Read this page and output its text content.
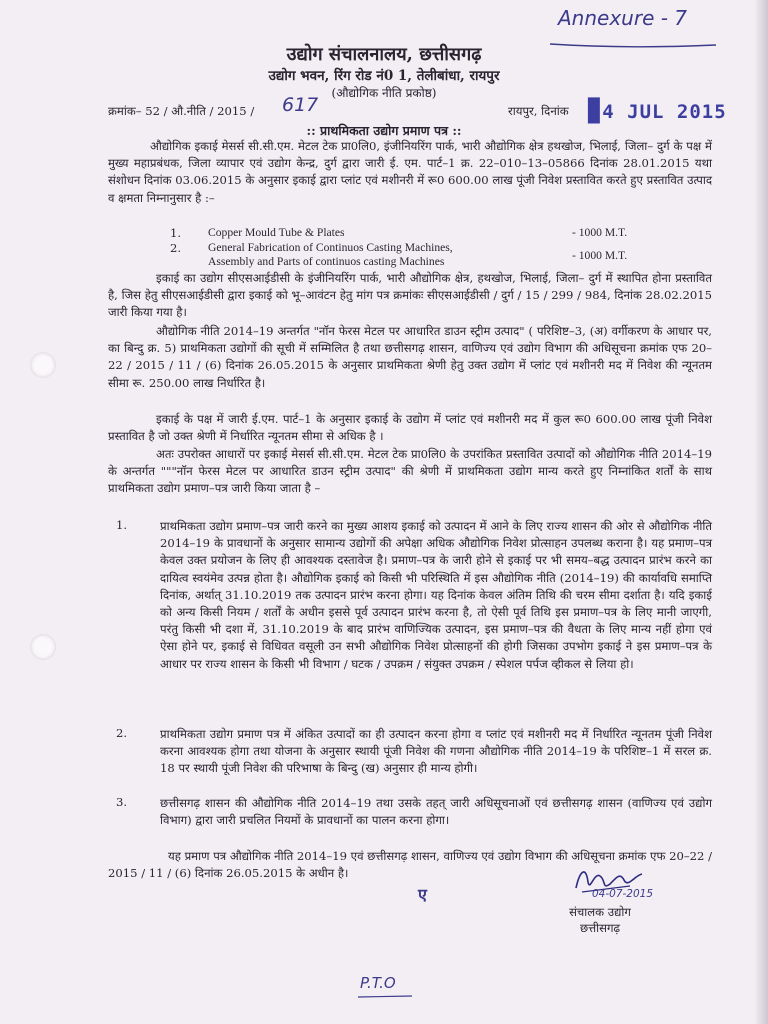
Annexure - 7
उद्योग संचालनालय, छत्तीसगढ़
उद्योग भवन, रिंग रोड नं0 1, तेलीबांधा, रायपुर
(औद्योगिक नीति प्रकोष्ठ)
क्रमांक– 52 / औ.नीति / 2015 / 617	रायपुर, दिनांक ▉4 JUL 2015
:: प्राथमिकता उद्योग प्रमाण पत्र ::
औद्योगिक इकाई मेसर्स सी.सी.एम. मेटल टेक प्रा0लि0, इंजीनियरिंग पार्क, भारी औद्योगिक क्षेत्र हथखोज, भिलाई, जिला– दुर्ग के पक्ष में मुख्य महाप्रबंधक, जिला व्यापार एवं उद्योग केन्द्र, दुर्ग द्वारा जारी ई. एम. पार्ट–1 क्र. 22–010–13–05866 दिनांक 28.01.2015 यथा संशोधन दिनांक 03.06.2015 के अनुसार इकाई द्वारा प्लांट एवं मशीनरी में रू0 600.00 लाख पूंजी निवेश प्रस्तावित करते हुए प्रस्तावित उत्पाद व क्षमता निम्नानुसार है :–
1. Copper Mould Tube & Plates	- 1000 M.T.
2. General Fabrication of Continuos Casting Machines,
Assembly and Parts of continuos casting Machines	- 1000 M.T.
इकाई का उद्योग सीएसआईडीसी के इंजीनियरिंग पार्क, भारी औद्योगिक क्षेत्र, हथखोज, भिलाई, जिला– दुर्ग में स्थापित होना प्रस्तावित है, जिस हेतु सीएसआईडीसी द्वारा इकाई को भू–आवंटन हेतु मांग पत्र क्रमांकः सीएसआईडीसी / दुर्ग / 15 / 299 / 984, दिनांक 28.02.2015 जारी किया गया है।
औद्योगिक नीति 2014–19 अन्तर्गत "नॉन फेरस मेटल पर आधारित डाउन स्ट्रीम उत्पाद" ( परिशिष्ट–3, (अ) वर्गीकरण के आधार पर, का बिन्दु क्र. 5) प्राथमिकता उद्योगों की सूची में सम्मिलित है तथा छत्तीसगढ़ शासन, वाणिज्य एवं उद्योग विभाग की अधिसूचना क्रमांक एफ 20–22 / 2015 / 11 / (6) दिनांक 26.05.2015 के अनुसार प्राथमिकता श्रेणी हेतु उक्त उद्योग में प्लांट एवं मशीनरी मद में निवेश की न्यूनतम सीमा रू. 250.00 लाख निर्धारित है।
इकाई के पक्ष में जारी ई.एम. पार्ट–1 के अनुसार इकाई के उद्योग में प्लांट एवं मशीनरी मद में कुल रू0 600.00 लाख पूंजी निवेश प्रस्तावित है जो उक्त श्रेणी में निर्धारित न्यूनतम सीमा से अधिक है ।
अतः उपरोक्त आधारों पर इकाई मेसर्स सी.सी.एम. मेटल टेक प्रा0लि0 के उपरांकित प्रस्तावित उत्पादों को औद्योगिक नीति 2014–19 के अन्तर्गत """नॉन फेरस मेटल पर आधारित डाउन स्ट्रीम उत्पाद" की श्रेणी में प्राथमिकता उद्योग मान्य करते हुए निम्नांकित शर्तों के साथ प्राथमिकता उद्योग प्रमाण–पत्र जारी किया जाता है –
1.	प्राथमिकता उद्योग प्रमाण–पत्र जारी करने का मुख्य आशय इकाई को उत्पादन में आने के लिए राज्य शासन की ओर से औद्योगिक नीति 2014–19 के प्रावधानों के अनुसार सामान्य उद्योगों की अपेक्षा अधिक औद्योगिक निवेश प्रोत्साहन उपलब्ध कराना है। यह प्रमाण–पत्र केवल उक्त प्रयोजन के लिए ही आवश्यक दस्तावेज है। प्रमाण–पत्र के जारी होने से इकाई पर भी समय–बद्ध उत्पादन प्रारंभ करने का दायित्व स्वयंमेव उत्पन्न होता है। औद्योगिक इकाई को किसी भी परिस्थिति में इस औद्योगिक नीति (2014–19) की कार्यावधि समाप्ति दिनांक, अर्थात् 31.10.2019 तक उत्पादन प्रारंभ करना होगा। यह दिनांक केवल अंतिम तिथि की चरम सीमा दर्शाता है। यदि इकाई को अन्य किसी नियम / शर्तों के अधीन इससे पूर्व उत्पादन प्रारंभ करना है, तो ऐसी पूर्व तिथि इस प्रमाण–पत्र के लिए मानी जाएगी, परंतु किसी भी दशा में, 31.10.2019 के बाद प्रारंभ वाणिज्यिक उत्पादन, इस प्रमाण–पत्र की वैधता के लिए मान्य नहीं होगा एवं ऐसा होने पर, इकाई से विधिवत वसूली उन सभी औद्योगिक निवेश प्रोत्साहनों की होगी जिसका उपभोग इकाई ने इस प्रमाण–पत्र के आधार पर राज्य शासन के किसी भी विभाग / घटक / उपक्रम / संयुक्त उपक्रम / स्पेशल पर्पज व्हीकल से लिया हो।
2.	प्राथमिकता उद्योग प्रमाण पत्र में अंकित उत्पादों का ही उत्पादन करना होगा व प्लांट एवं मशीनरी मद में निर्धारित न्यूनतम पूंजी निवेश करना आवश्यक होगा तथा योजना के अनुसार स्थायी पूंजी निवेश की गणना औद्योगिक नीति 2014–19 के परिशिष्ट–1 में सरल क्र. 18 पर स्थायी पूंजी निवेश की परिभाषा के बिन्दु (ख) अनुसार ही मान्य होगी।
3.	छत्तीसगढ़ शासन की औद्योगिक नीति 2014–19 तथा उसके तहत् जारी अधिसूचनाओं एवं छत्तीसगढ़ शासन (वाणिज्य एवं उद्योग विभाग) द्वारा जारी प्रचलित नियमों के प्रावधानों का पालन करना होगा।
यह प्रमाण पत्र औद्योगिक नीति 2014–19 एवं छत्तीसगढ़ शासन, वाणिज्य एवं उद्योग विभाग की अधिसूचना क्रमांक एफ 20–22 / 2015 / 11 / (6) दिनांक 26.05.2015 के अधीन है।
ए	04-07-2015
संचालक उद्योग
छत्तीसगढ़
P.T.O
